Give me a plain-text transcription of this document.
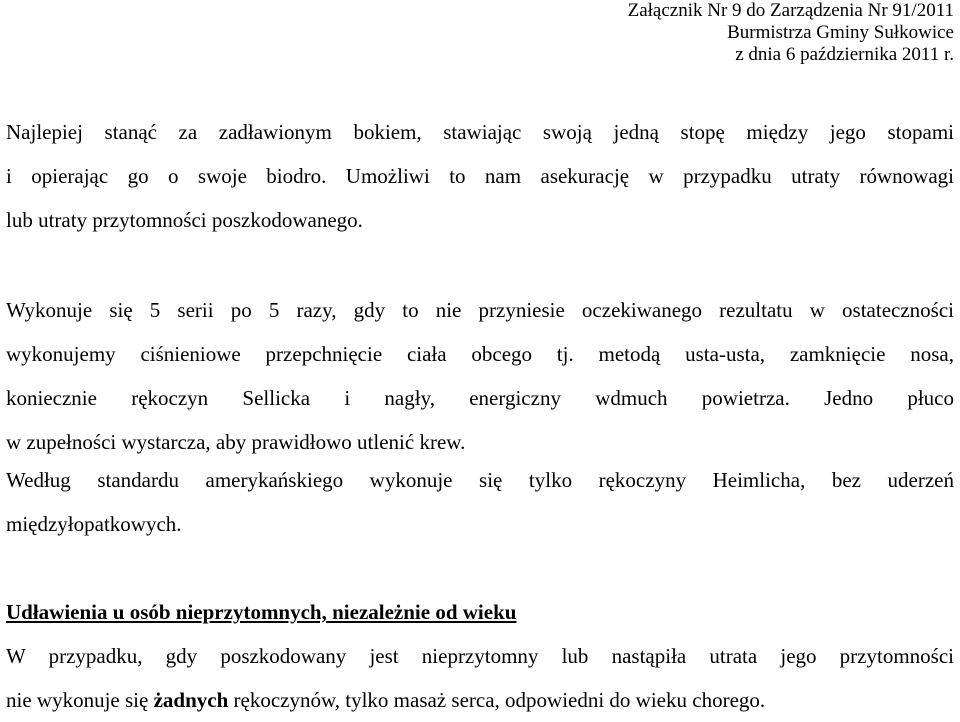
Załącznik Nr 9 do Zarządzenia Nr 91/2011
Burmistrza Gminy Sułkowice
z dnia 6 października 2011 r.
Najlepiej stanąć za zadławionym bokiem, stawiając swoją jedną stopę między jego stopami
i opierając go o swoje biodro. Umożliwi to nam asekurację w przypadku utraty równowagi
lub utraty przytomności poszkodowanego.
Wykonuje się 5 serii po 5 razy, gdy to nie przyniesie oczekiwanego rezultatu w ostateczności
wykonujemy ciśnieniowe przepchnięcie ciała obcego tj. metodą usta-usta, zamknięcie nosa,
koniecznie rękoczyn Sellicka i nagły, energiczny wdmuch powietrza. Jedno płuco
w zupełności wystarcza, aby prawidłowo utlenić krew.
Według standardu amerykańskiego wykonuje się tylko rękoczyny Heimlicha, bez uderzeń
międzyłopatkowych.
Udławienia u osób nieprzytomnych, niezależnie od wieku
W przypadku, gdy poszkodowany jest nieprzytomny lub nastąpiła utrata jego przytomności
nie wykonuje się żadnych rękoczynów, tylko masaż serca, odpowiedni do wieku chorego.
